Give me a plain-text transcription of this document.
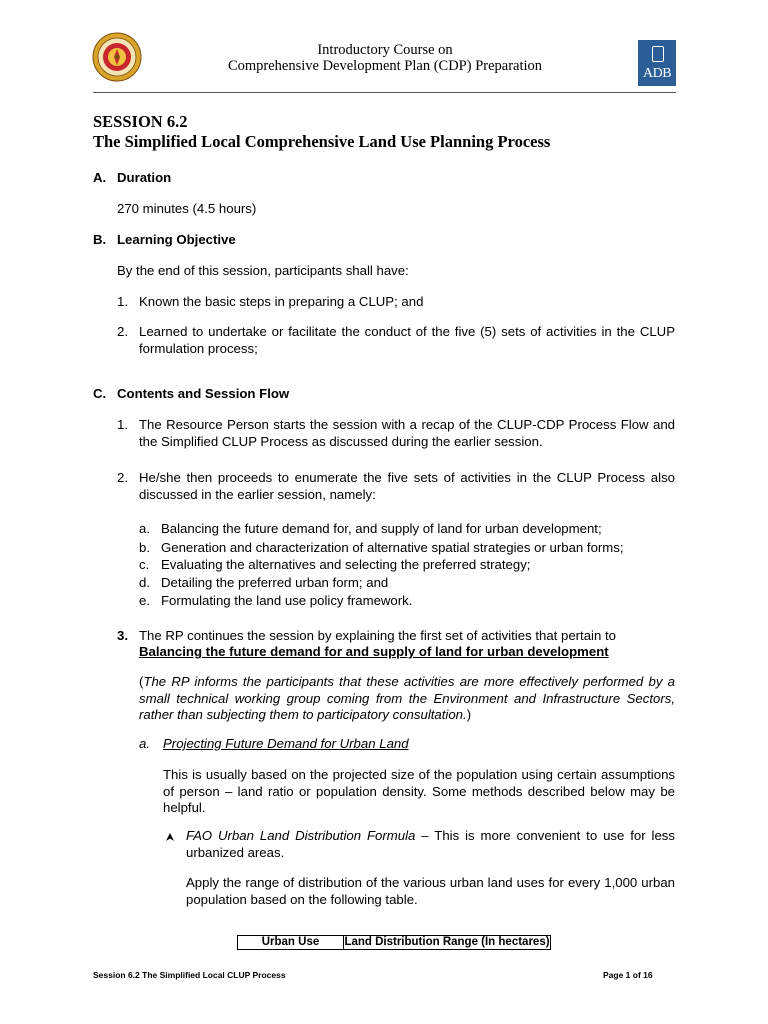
Introductory Course on
Comprehensive Development Plan (CDP) Preparation	ADB
SESSION 6.2
The Simplified Local Comprehensive Land Use Planning Process
A. Duration
270 minutes (4.5 hours)
B. Learning Objective
By the end of this session, participants shall have:
1. Known the basic steps in preparing a CLUP; and
2. Learned to undertake or facilitate the conduct of the five (5) sets of activities in the CLUP formulation process;
C. Contents and Session Flow
1. The Resource Person starts the session with a recap of the CLUP-CDP Process Flow and the Simplified CLUP Process as discussed during the earlier session.
2. He/she then proceeds to enumerate the five sets of activities in the CLUP Process also discussed in the earlier session, namely:
a. Balancing the future demand for, and supply of land for urban development;
b. Generation and characterization of alternative spatial strategies or urban forms;
c. Evaluating the alternatives and selecting the preferred strategy;
d. Detailing the preferred urban form; and
e. Formulating the land use policy framework.
3. The RP continues the session by explaining the first set of activities that pertain to
Balancing the future demand for and supply of land for urban development
(The RP informs the participants that these activities are more effectively performed by a small technical working group coming from the Environment and Infrastructure Sectors, rather than subjecting them to participatory consultation.)
a. Projecting Future Demand for Urban Land
This is usually based on the projected size of the population using certain assumptions of person – land ratio or population density. Some methods described below may be helpful.
FAO Urban Land Distribution Formula – This is more convenient to use for less urbanized areas.
Apply the range of distribution of the various urban land uses for every 1,000 urban population based on the following table.
Urban Use	Land Distribution Range (In hectares)
Session 6.2 The Simplified Local CLUP Process	Page 1 of 16
